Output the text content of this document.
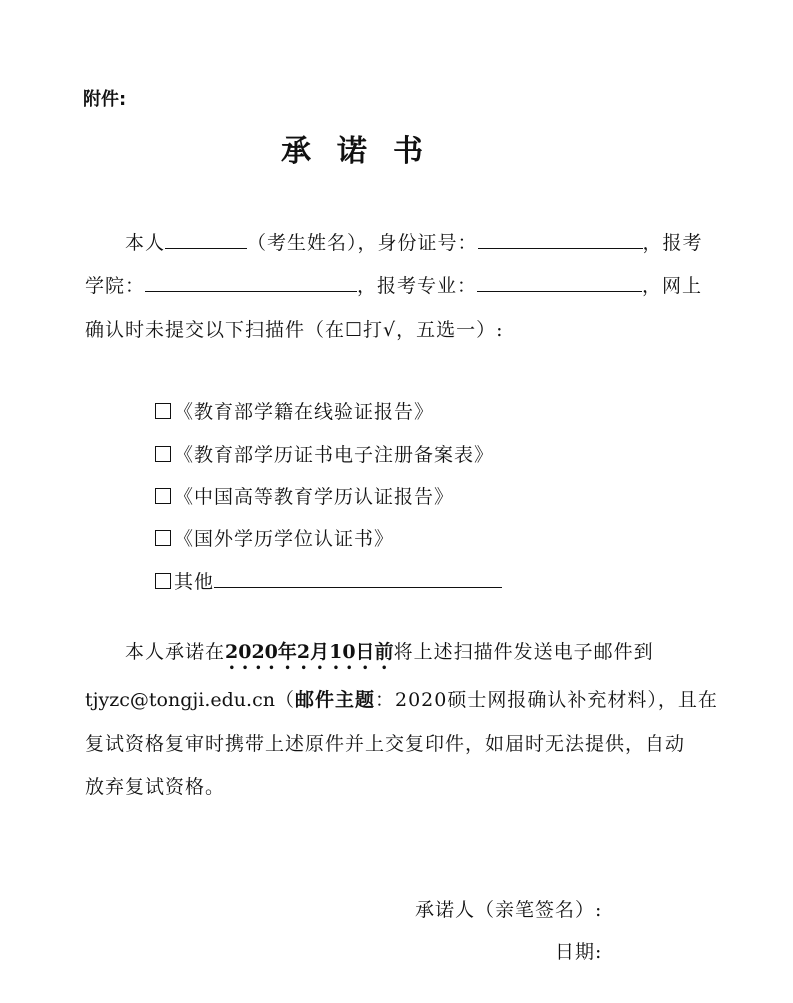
附件:
承诺书
本人	（考生姓名），身份证号：	，报考
学院：	，报考专业：	，网上
确认时未提交以下扫描件（在☐打√，五选一）:
《教育部学籍在线验证报告》
《教育部学历证书电子注册备案表》
《中国高等教育学历认证报告》
《国外学历学位认证书》
其他
本人承诺在2020年2月10日前将上述扫描件发送电子邮件到
tjyzc@tongji.edu.cn（邮件主题：2020硕士网报确认补充材料），且在
复试资格复审时携带上述原件并上交复印件，如届时无法提供，自动
放弃复试资格。
承诺人（亲笔签名）:
日期:
